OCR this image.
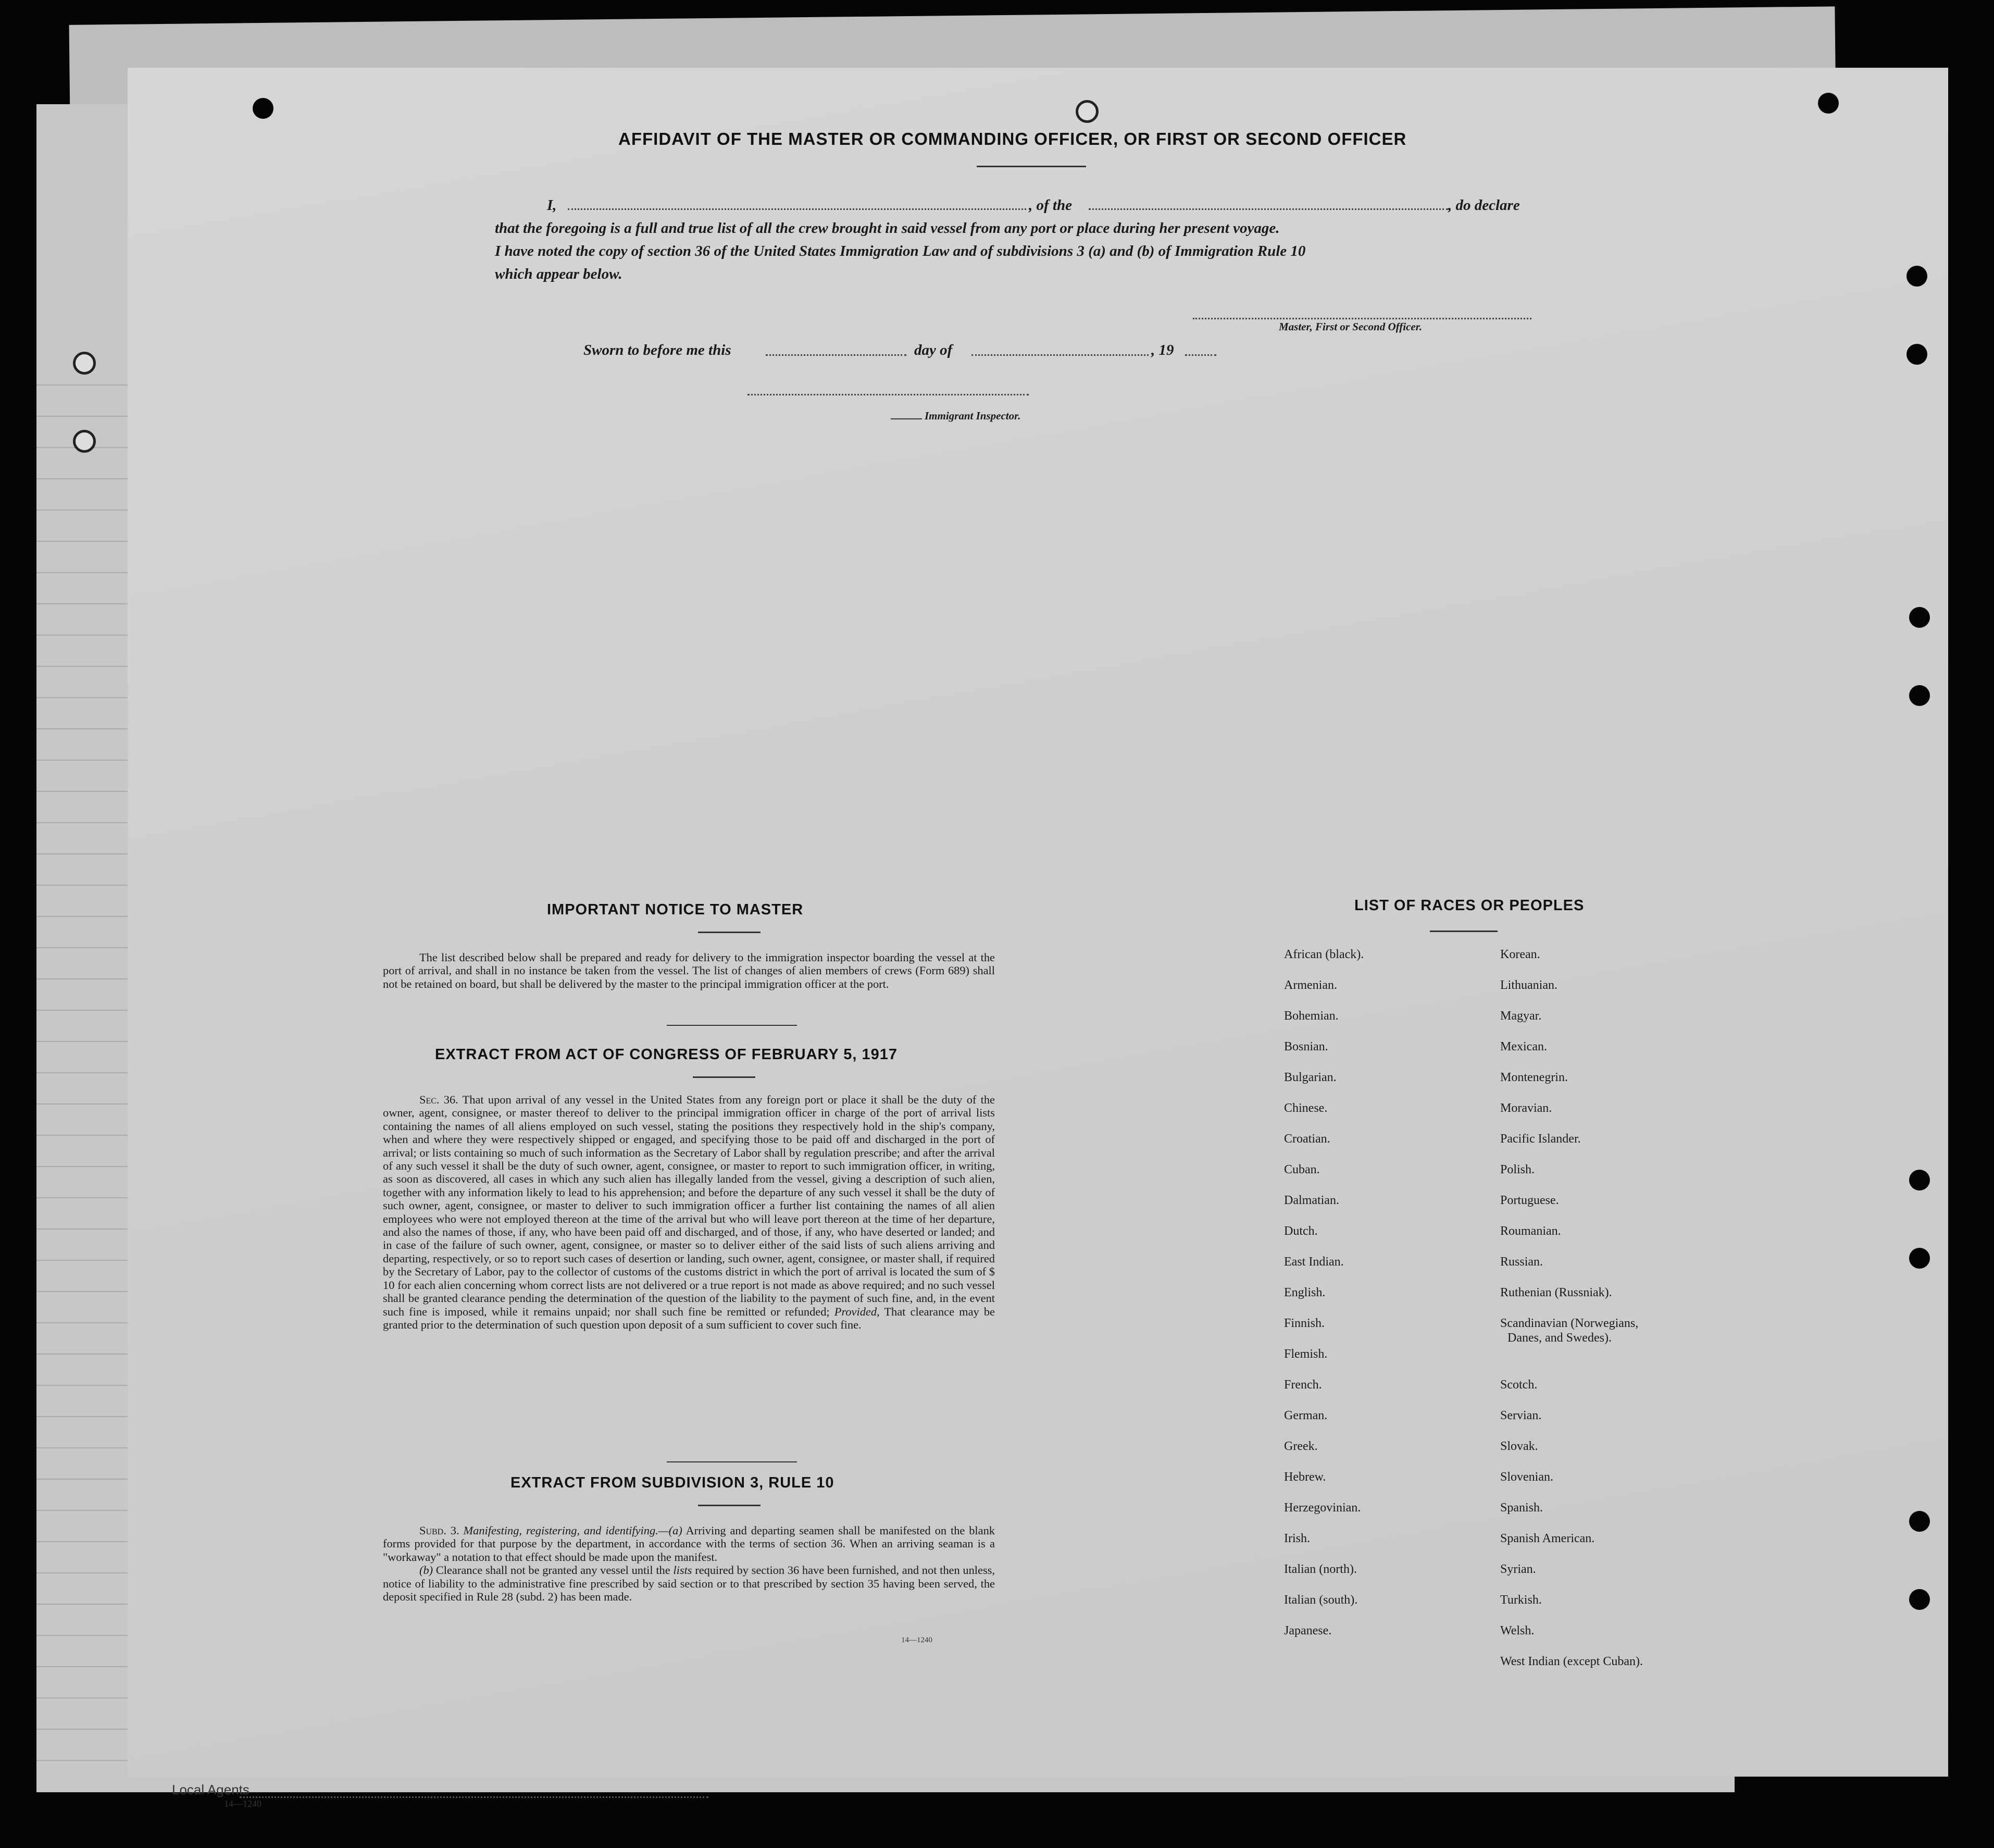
Local Agents
14—1240
AFFIDAVIT OF THE MASTER OR COMMANDING OFFICER, OR FIRST OR SECOND OFFICER
I,	, of the	, do declare
that the foregoing is a full and true list of all the crew brought in said vessel from any port or place during her present voyage.
I have noted the copy of section 36 of the United States Immigration Law and of subdivisions 3 (a) and (b) of Immigration Rule 10
which appear below.
Master, First or Second Officer.
Sworn to before me this	day of	, 19
Immigrant Inspector.
IMPORTANT NOTICE TO MASTER
The list described below shall be prepared and ready for delivery to the immigration inspector boarding the vessel at the port of arrival, and shall in no instance be taken from the vessel. The list of changes of alien members of crews (Form 689) shall not be retained on board, but shall be delivered by the master to the principal immigration officer at the port.
EXTRACT FROM ACT OF CONGRESS OF FEBRUARY 5, 1917

Sec. 36. That upon arrival of any vessel in the United States from any foreign port or place it shall be the duty of the owner, agent, consignee, or master thereof to deliver to the principal immigration officer in charge of the port of arrival lists containing the names of all aliens employed on such vessel, stating the positions they respectively hold in the ship's company, when and where they were respectively shipped or engaged, and specifying those to be paid off and discharged in the port of arrival; or lists containing so much of such information as the Secretary of Labor shall by regulation prescribe; and after the arrival of any such vessel it shall be the duty of such owner, agent, consignee, or master to report to such immigration officer, in writing, as soon as discovered, all cases in which any such alien has illegally landed from the vessel, giving a description of such alien, together with any information likely to lead to his apprehension; and before the departure of any such vessel it shall be the duty of such owner, agent, consignee, or master to deliver to such immigration officer a further list containing the names of all alien employees who were not employed thereon at the time of the arrival but who will leave port thereon at the time of her departure, and also the names of those, if any, who have been paid off and discharged, and of those, if any, who have deserted or landed; and in case of the failure of such owner, agent, consignee, or master so to deliver either of the said lists of such aliens arriving and departing, respectively, or so to report such cases of desertion or landing, such owner, agent, consignee, or master shall, if required by the Secretary of Labor, pay to the collector of customs of the customs district in which the port of arrival is located the sum of $ 10 for each alien concerning whom correct lists are not delivered or a true report is not made as above required; and no such vessel shall be granted clearance pending the determination of the question of the liability to the payment of such fine, and, in the event such fine is imposed, while it remains unpaid; nor shall such fine be remitted or refunded; Provided, That clearance may be granted prior to the determination of such question upon deposit of a sum sufficient to cover such fine.

EXTRACT FROM SUBDIVISION 3, RULE 10

Subd. 3. Manifesting, registering, and identifying.—(a) Arriving and departing seamen shall be manifested on the blank forms provided for that purpose by the department, in accordance with the terms of section 36. When an arriving seaman is a "workaway" a notation to that effect should be made upon the manifest.

(b) Clearance shall not be granted any vessel until the lists required by section 36 have been furnished, and not then unless, notice of liability to the administrative fine prescribed by said section or to that prescribed by section 35 having been served, the deposit specified in Rule 28 (subd. 2) has been made.

14—1240
LIST OF RACES OR PEOPLES
African (black).
Armenian.
Bohemian.
Bosnian.
Bulgarian.
Chinese.
Croatian.
Cuban.
Dalmatian.
Dutch.
East Indian.
English.
Finnish.
Flemish.
French.
German.
Greek.
Hebrew.
Herzegovinian.
Irish.
Italian (north).
Italian (south).
Japanese.
Korean.
Lithuanian.
Magyar.
Mexican.
Montenegrin.
Moravian.
Pacific Islander.
Polish.
Portuguese.
Roumanian.
Russian.
Ruthenian (Russniak).
Scandinavian (Norwegians,
Danes, and Swedes).
Scotch.
Servian.
Slovak.
Slovenian.
Spanish.
Spanish American.
Syrian.
Turkish.
Welsh.
West Indian (except Cuban).
